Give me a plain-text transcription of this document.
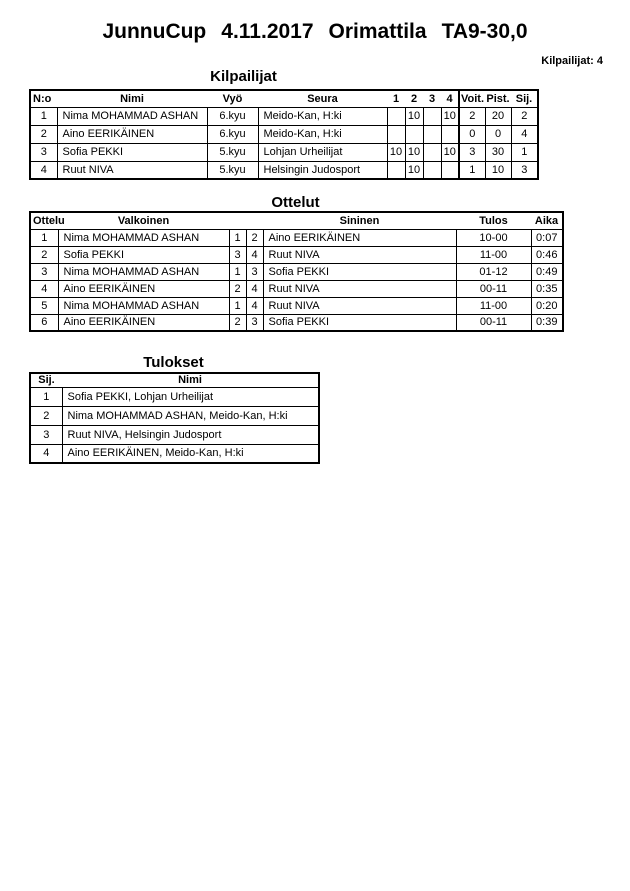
JunnuCup 4.11.2017 Orimattila TA9-30,0
Kilpailijat: 4
Kilpailijat
N:o	Nimi	Vyö	Seura	1	2	3	4	Voit.	Pist.	Sij.
1	Nima MOHAMMAD ASHAN	6.kyu	Meido-Kan, H:ki		10		10	2	20	2
2	Aino EERIKÄINEN	6.kyu	Meido-Kan, H:ki					0	0	4
3	Sofia PEKKI	5.kyu	Lohjan Urheilijat	10	10		10	3	30	1
4	Ruut NIVA	5.kyu	Helsingin Judosport		10			1	10	3
Ottelut
Ottelu	Valkoinen			Sininen	Tulos	Aika
1	Nima MOHAMMAD ASHAN	1	2	Aino EERIKÄINEN	10-00	0:07
2	Sofia PEKKI	3	4	Ruut NIVA	11-00	0:46
3	Nima MOHAMMAD ASHAN	1	3	Sofia PEKKI	01-12	0:49
4	Aino EERIKÄINEN	2	4	Ruut NIVA	00-11	0:35
5	Nima MOHAMMAD ASHAN	1	4	Ruut NIVA	11-00	0:20
6	Aino EERIKÄINEN	2	3	Sofia PEKKI	00-11	0:39
Tulokset
Sij.	Nimi
1	Sofia PEKKI, Lohjan Urheilijat
2	Nima MOHAMMAD ASHAN, Meido-Kan, H:ki
3	Ruut NIVA, Helsingin Judosport
4	Aino EERIKÄINEN, Meido-Kan, H:ki
